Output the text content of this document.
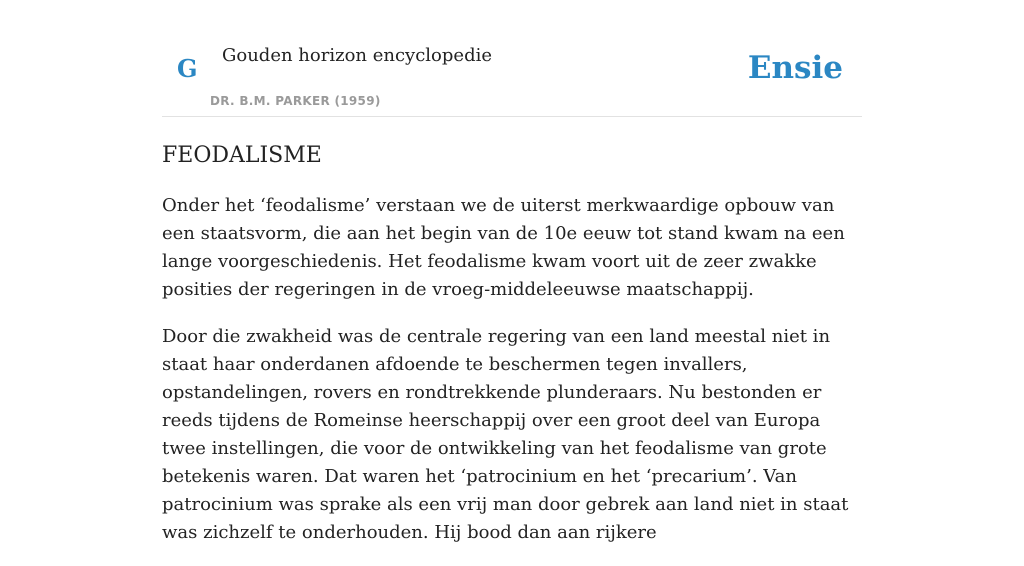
G Gouden horizon encyclopedie
DR. B.M. PARKER (1959)
Ensie
FEODALISME

Onder het ‘feodalisme’ verstaan we de uiterst merkwaardige opbouw van een staatsvorm, die aan het begin van de 10e eeuw tot stand kwam na een lange voorgeschiedenis. Het feodalisme kwam voort uit de zeer zwakke posities der regeringen in de vroeg-middeleeuwse maatschappij.

Door die zwakheid was de centrale regering van een land meestal niet in staat haar onderdanen afdoende te beschermen tegen invallers, opstandelingen, rovers en rondtrekkende plunderaars. Nu bestonden er reeds tijdens de Romeinse heerschappij over een groot deel van Europa twee instellingen, die voor de ontwikkeling van het feodalisme van grote betekenis waren. Dat waren het ‘patrocinium en het ‘precarium’. Van patrocinium was sprake als een vrij man door gebrek aan land niet in staat was zichzelf te onderhouden. Hij bood dan aan rijkere
